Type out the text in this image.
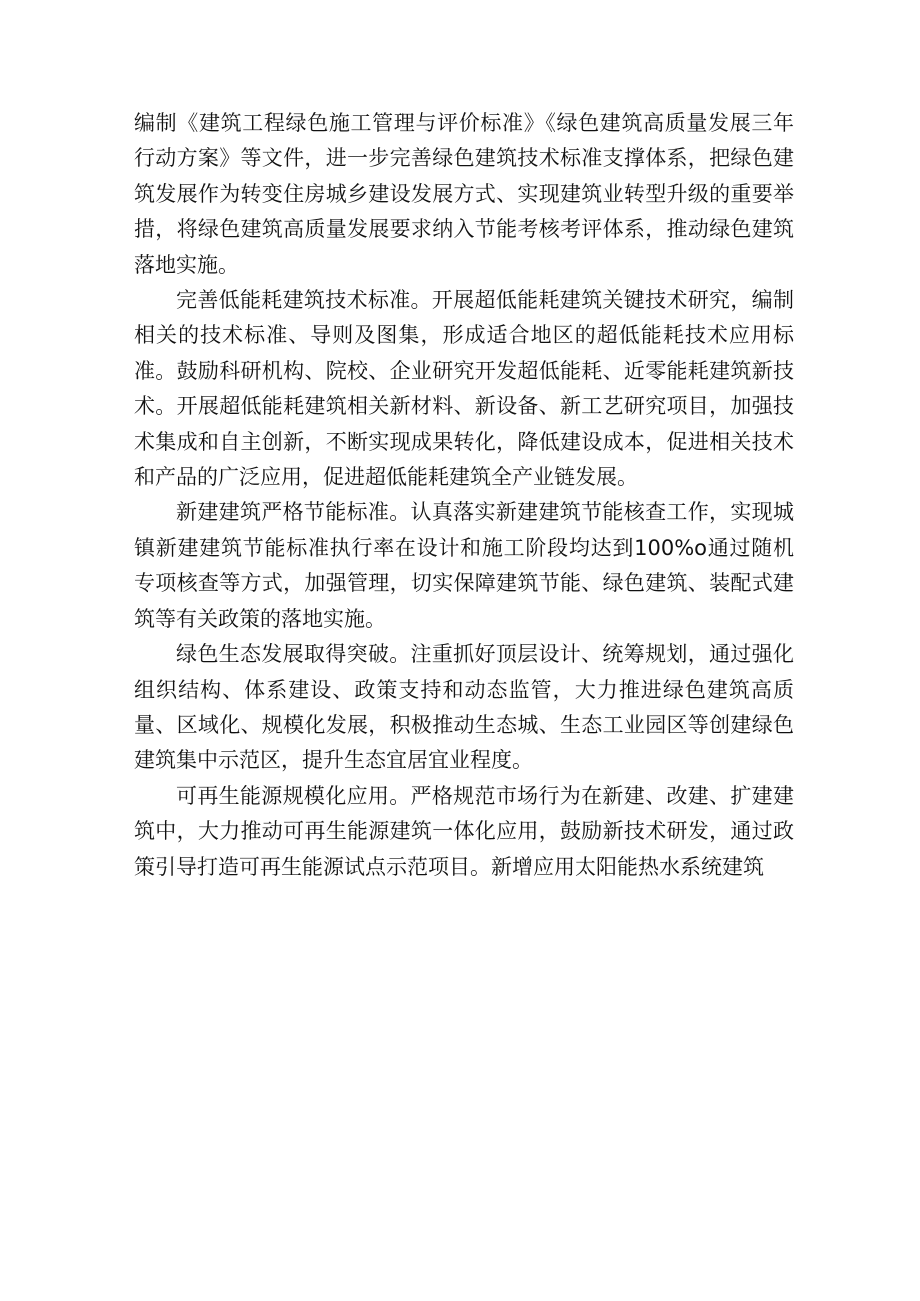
编制《建筑工程绿色施工管理与评价标准》《绿色建筑高质量发展三年行动方案》等文件，进一步完善绿色建筑技术标准支撑体系，把绿色建筑发展作为转变住房城乡建设发展方式、实现建筑业转型升级的重要举措，将绿色建筑高质量发展要求纳入节能考核考评体系，推动绿色建筑落地实施。

完善低能耗建筑技术标准。开展超低能耗建筑关键技术研究，编制相关的技术标准、导则及图集，形成适合地区的超低能耗技术应用标准。鼓励科研机构、院校、企业研究开发超低能耗、近零能耗建筑新技术。开展超低能耗建筑相关新材料、新设备、新工艺研究项目，加强技术集成和自主创新，不断实现成果转化，降低建设成本，促进相关技术和产品的广泛应用，促进超低能耗建筑全产业链发展。

新建建筑严格节能标准。认真落实新建建筑节能核查工作，实现城镇新建建筑节能标准执行率在设计和施工阶段均达到100%o通过随机专项核查等方式，加强管理，切实保障建筑节能、绿色建筑、装配式建筑等有关政策的落地实施。

绿色生态发展取得突破。注重抓好顶层设计、统筹规划，通过强化组织结构、体系建设、政策支持和动态监管，大力推进绿色建筑高质量、区域化、规模化发展，积极推动生态城、生态工业园区等创建绿色建筑集中示范区，提升生态宜居宜业程度。

可再生能源规模化应用。严格规范市场行为在新建、改建、扩建建筑中，大力推动可再生能源建筑一体化应用，鼓励新技术研发，通过政策引导打造可再生能源试点示范项目。新增应用太阳能热水系统建筑
